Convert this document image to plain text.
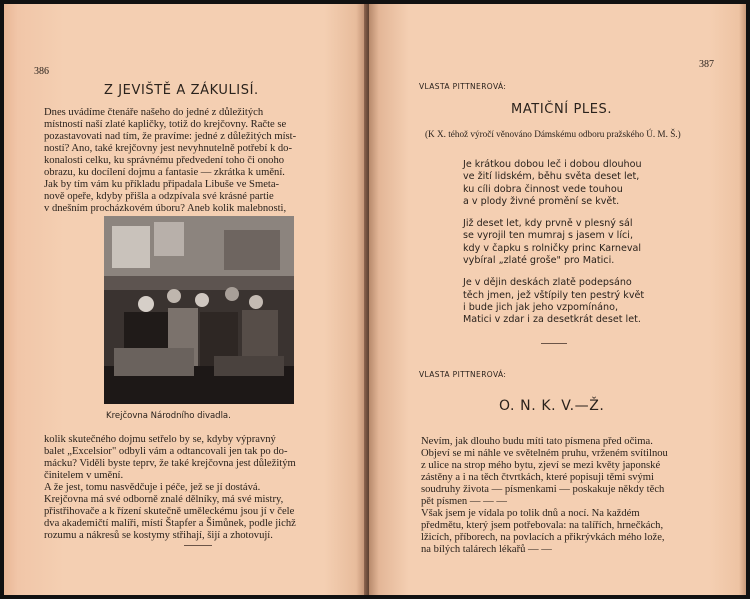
386
Z JEVIŠTĚ A ZÁKULISÍ.
Dnes uvádíme čtenáře našeho do jedné z důležitých
místností naší zlaté kapličky, totiž do krejčovny. Račte se
pozastavovati nad tím, že pravíme: jedné z důležitých míst-
ností? Ano, také krejčovny jest nevyhnutelně potřebí k do-
konalosti celku, ku správnému předvedení toho či onoho
obrazu, ku docílení dojmu a fantasie — zkrátka k umění.
Jak by tím vám ku příkladu připadala Libuše ve Smeta-
nově opeře, kdyby přišla a odzpívala své krásné partie
v dnešním procházkovém úboru? Aneb kolik malebnosti,
Krejčovna Národního divadla.
kolik skutečného dojmu setřelo by se, kdyby výpravný
balet „Excelsior" odbyli vám a odtancovali jen tak po do-
mácku? Viděli byste teprv, že také krejčovna jest důležitým
činitelem v umění.
A že jest, tomu nasvědčuje i péče, jež se jí dostává.
Krejčovna má své odborně znalé dělníky, má své mistry,
přistřihovače a k řízení skutečně uměleckému jsou jí v čele
dva akademičtí malíři, místí Štapfer a Šimůnek, podle jichž
rozumu a nákresů se kostymy střihají, šijí a zhotovují.
387
VLASTA PITTNEROVÁ:
MATIČNÍ PLES.
(K X. téhož výročí věnováno Dámskému odboru pražského Ú. M. Š.)
Je krátkou dobou leč i dobou dlouhou
ve žití lidském, běhu světa deset let,
ku cíli dobra činnost vede touhou
a v plody živné promění se květ.
Již deset let, kdy prvně v plesný sál
se vyrojil ten mumraj s jasem v líci,
kdy v čapku s rolničky princ Karneval
vybíral „zlaté groše" pro Matici.
Je v dějin deskách zlatě podepsáno
těch jmen, jež vštípily ten pestrý květ
i bude jich jak jeho vzpomínáno,
Matici v zdar i za desetkrát deset let.
VLASTA PITTNEROVÁ:
O. N. K. V.—Ž.
Nevím, jak dlouho budu míti tato písmena před očima.
Objeví se mi náhle ve světelném pruhu, vrženém svítilnou
z ulice na strop mého bytu, zjeví se mezi květy japonské
zástěny a i na těch čtvrtkách, které popisuji těmi svými
soudruhy života — písmenkami — poskakuje někdy těch
pět písmen — — —
Však jsem je vídala po tolik dnů a nocí. Na každém
předmětu, který jsem potřebovala: na talířích, hrnečkách,
lžicích, příborech, na povlacích a přikrývkách mého lože,
na bílých talárech lékařů — —
